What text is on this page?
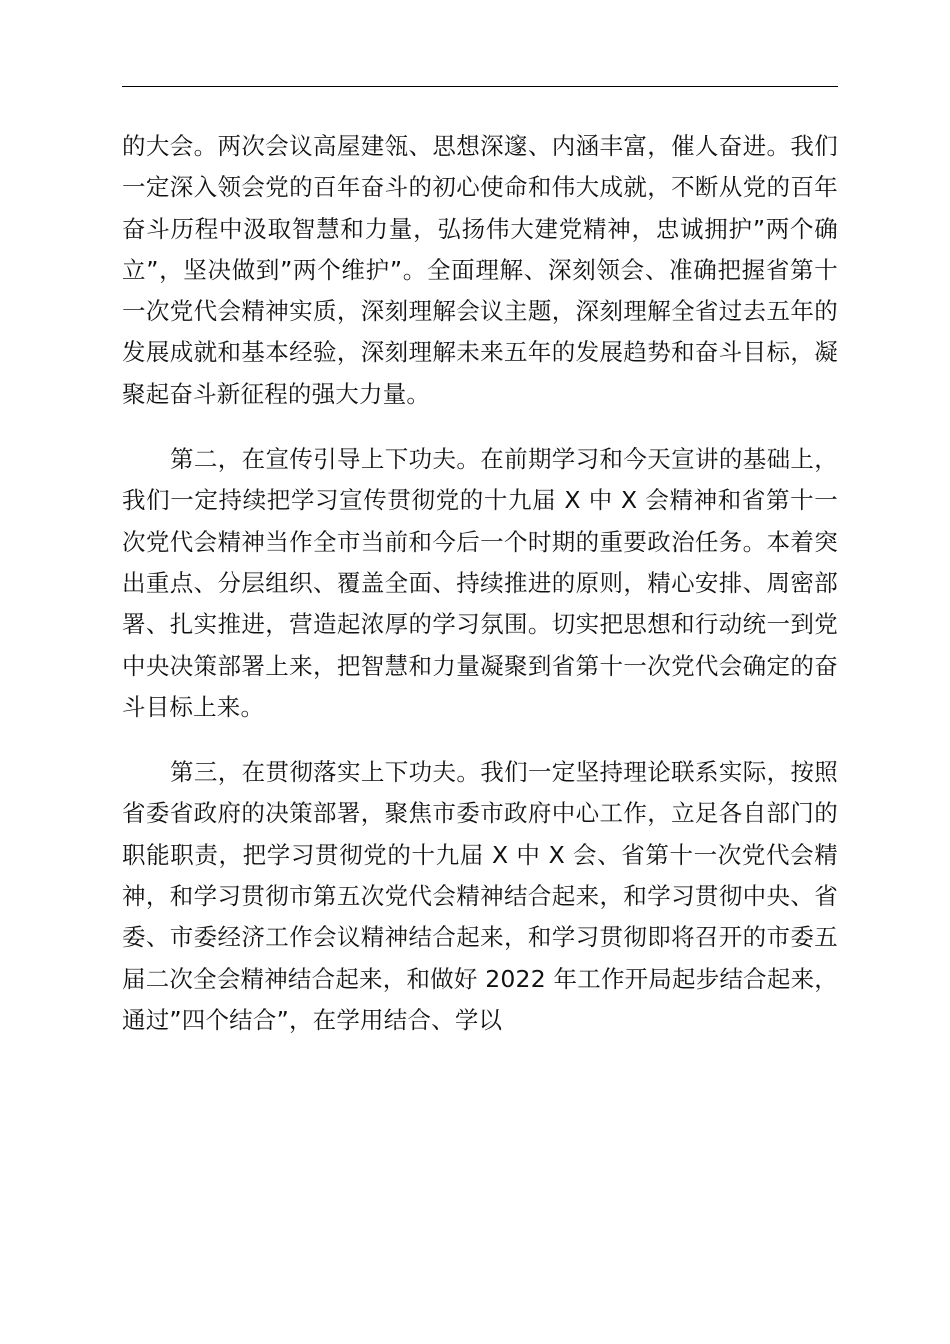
的大会。两次会议高屋建瓴、思想深邃、内涵丰富，催人奋进。我们一定深入领会党的百年奋斗的初心使命和伟大成就，不断从党的百年奋斗历程中汲取智慧和力量，弘扬伟大建党精神，忠诚拥护”两个确立”，坚决做到”两个维护”。全面理解、深刻领会、准确把握省第十一次党代会精神实质，深刻理解会议主题，深刻理解全省过去五年的发展成就和基本经验，深刻理解未来五年的发展趋势和奋斗目标，凝聚起奋斗新征程的强大力量。

第二，在宣传引导上下功夫。在前期学习和今天宣讲的基础上，我们一定持续把学习宣传贯彻党的十九届 X 中 X 会精神和省第十一次党代会精神当作全市当前和今后一个时期的重要政治任务。本着突出重点、分层组织、覆盖全面、持续推进的原则，精心安排、周密部署、扎实推进，营造起浓厚的学习氛围。切实把思想和行动统一到党中央决策部署上来，把智慧和力量凝聚到省第十一次党代会确定的奋斗目标上来。

第三，在贯彻落实上下功夫。我们一定坚持理论联系实际，按照省委省政府的决策部署，聚焦市委市政府中心工作，立足各自部门的职能职责，把学习贯彻党的十九届 X 中 X 会、省第十一次党代会精神，和学习贯彻市第五次党代会精神结合起来，和学习贯彻中央、省委、市委经济工作会议精神结合起来，和学习贯彻即将召开的市委五届二次全会精神结合起来，和做好 2022 年工作开局起步结合起来，通过”四个结合”，在学用结合、学以
